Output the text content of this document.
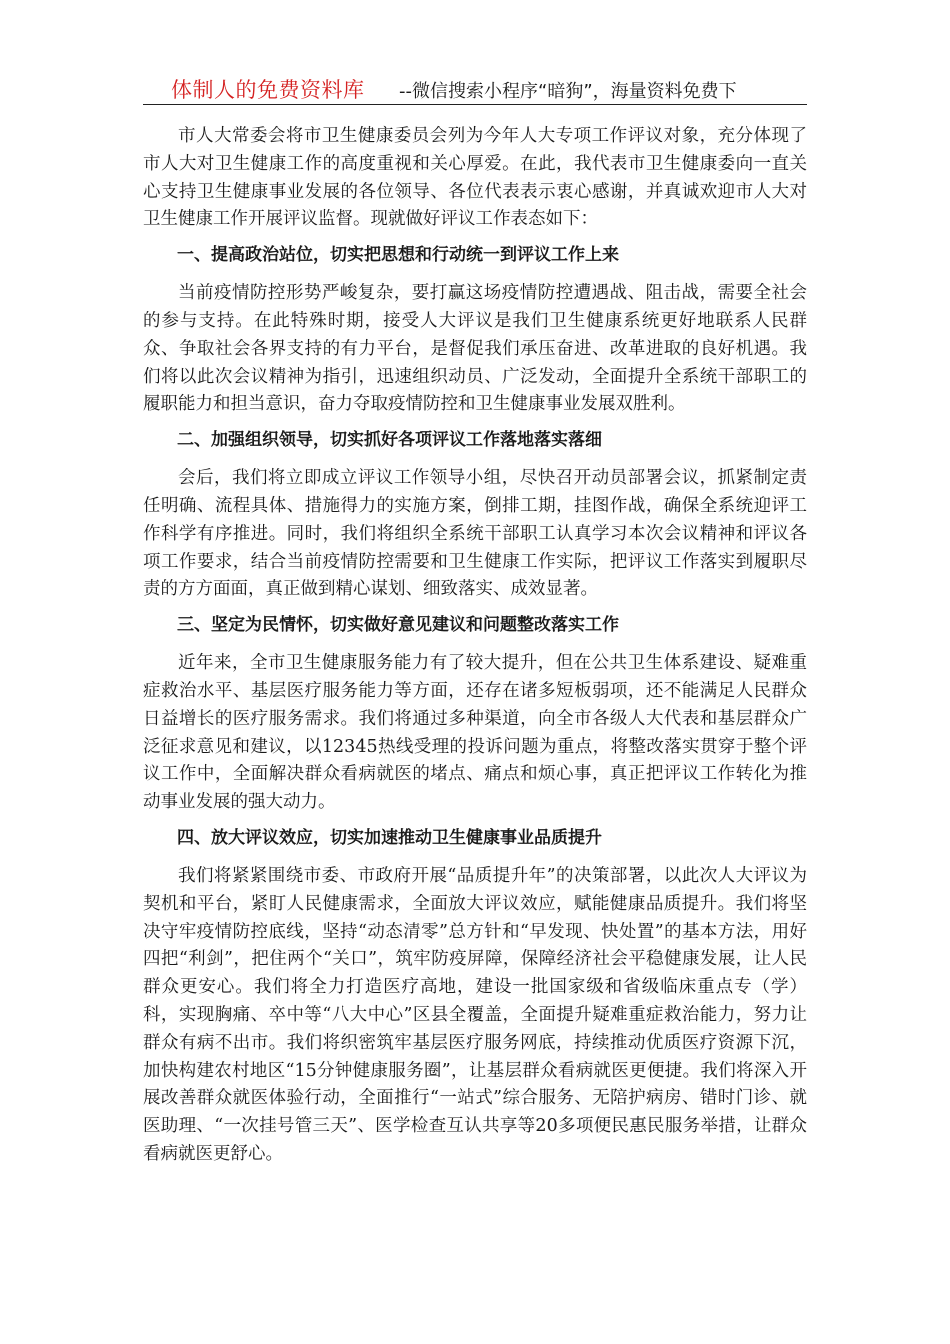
体制人的免费资料库 --微信搜索小程序“暗狗”，海量资料免费下

市人大常委会将市卫生健康委员会列为今年人大专项工作评议对象，充分体现了市人大对卫生健康工作的高度重视和关心厚爱。在此，我代表市卫生健康委向一直关心支持卫生健康事业发展的各位领导、各位代表表示衷心感谢，并真诚欢迎市人大对卫生健康工作开展评议监督。现就做好评议工作表态如下：

一、提高政治站位，切实把思想和行动统一到评议工作上来

当前疫情防控形势严峻复杂，要打赢这场疫情防控遭遇战、阻击战，需要全社会的参与支持。在此特殊时期，接受人大评议是我们卫生健康系统更好地联系人民群众、争取社会各界支持的有力平台，是督促我们承压奋进、改革进取的良好机遇。我们将以此次会议精神为指引，迅速组织动员、广泛发动，全面提升全系统干部职工的履职能力和担当意识，奋力夺取疫情防控和卫生健康事业发展双胜利。

二、加强组织领导，切实抓好各项评议工作落地落实落细

会后，我们将立即成立评议工作领导小组，尽快召开动员部署会议，抓紧制定责任明确、流程具体、措施得力的实施方案，倒排工期，挂图作战，确保全系统迎评工作科学有序推进。同时，我们将组织全系统干部职工认真学习本次会议精神和评议各项工作要求，结合当前疫情防控需要和卫生健康工作实际，把评议工作落实到履职尽责的方方面面，真正做到精心谋划、细致落实、成效显著。

三、坚定为民情怀，切实做好意见建议和问题整改落实工作

近年来，全市卫生健康服务能力有了较大提升，但在公共卫生体系建设、疑难重症救治水平、基层医疗服务能力等方面，还存在诸多短板弱项，还不能满足人民群众日益增长的医疗服务需求。我们将通过多种渠道，向全市各级人大代表和基层群众广泛征求意见和建议，以12345热线受理的投诉问题为重点，将整改落实贯穿于整个评议工作中，全面解决群众看病就医的堵点、痛点和烦心事，真正把评议工作转化为推动事业发展的强大动力。

四、放大评议效应，切实加速推动卫生健康事业品质提升

我们将紧紧围绕市委、市政府开展“品质提升年”的决策部署，以此次人大评议为契机和平台，紧盯人民健康需求，全面放大评议效应，赋能健康品质提升。我们将坚决守牢疫情防控底线，坚持“动态清零”总方针和“早发现、快处置”的基本方法，用好四把“利剑”，把住两个“关口”，筑牢防疫屏障，保障经济社会平稳健康发展，让人民群众更安心。我们将全力打造医疗高地，建设一批国家级和省级临床重点专（学）科，实现胸痛、卒中等“八大中心”区县全覆盖，全面提升疑难重症救治能力，努力让群众有病不出市。我们将织密筑牢基层医疗服务网底，持续推动优质医疗资源下沉，加快构建农村地区“15分钟健康服务圈”，让基层群众看病就医更便捷。我们将深入开展改善群众就医体验行动，全面推行“一站式”综合服务、无陪护病房、错时门诊、就医助理、“一次挂号管三天”、医学检查互认共享等20多项便民惠民服务举措，让群众看病就医更舒心。
